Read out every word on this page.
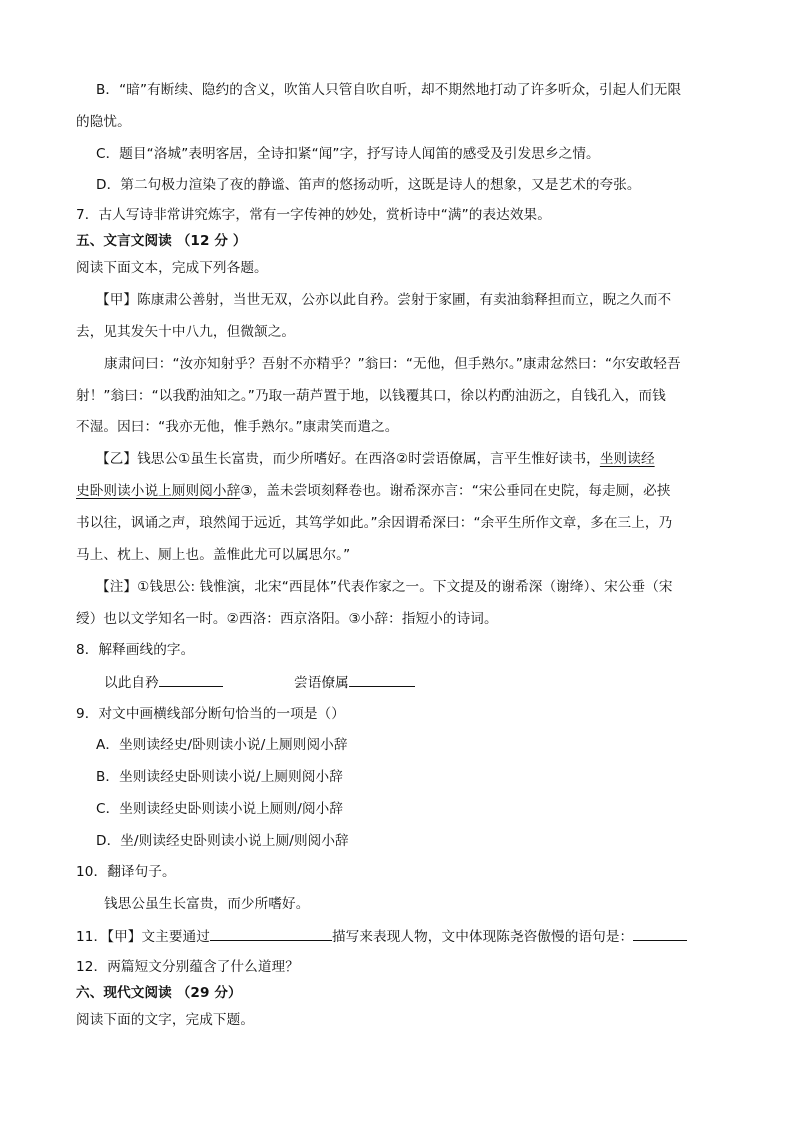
B．“暗”有断续、隐约的含义，吹笛人只管自吹自听，却不期然地打动了许多听众，引起人们无限
的隐忧。
C．题目“洛城”表明客居，全诗扣紧“闻”字，抒写诗人闻笛的感受及引发思乡之情。
D．第二句极力渲染了夜的静谧、笛声的悠扬动听，这既是诗人的想象，又是艺术的夸张。
7．古人写诗非常讲究炼字，常有一字传神的妙处，赏析诗中“满”的表达效果。
五、文言文阅读 （12 分 ）
阅读下面文本，完成下列各题。
【甲】陈康肃公善射，当世无双，公亦以此自矜。尝射于家圃，有卖油翁释担而立，睨之久而不
去，见其发矢十中八九，但微颔之。
康肃问曰：“汝亦知射乎？吾射不亦精乎？”翁曰：“无他，但手熟尔。”康肃忿然曰：“尔安敢轻吾
射！”翁曰：“以我酌油知之。”乃取一葫芦置于地，以钱覆其口，徐以杓酌油沥之，自钱孔入，而钱
不湿。因曰：“我亦无他，惟手熟尔。”康肃笑而遣之。
【乙】钱思公①虽生长富贵，而少所嗜好。在西洛②时尝语僚属，言平生惟好读书，坐则读经
史卧则读小说上厕则阅小辞③，盖未尝顷刻释卷也。谢希深亦言：“宋公垂同在史院，每走厕，必挟
书以往，讽诵之声，琅然闻于远近，其笃学如此。”余因谓希深曰：“余平生所作文章，多在三上，乃
马上、枕上、厕上也。盖惟此尤可以属思尔。”
【注】①钱思公: 钱惟演，北宋“西昆体”代表作家之一。下文提及的谢希深（谢绛）、宋公垂（宋
绶）也以文学知名一时。②西洛：西京洛阳。③小辞：指短小的诗词。
8．解释画线的字。
以此自矜	尝语僚属
9．对文中画横线部分断句恰当的一项是（）
A．坐则读经史/卧则读小说/上厕则阅小辞
B．坐则读经史卧则读小说/上厕则阅小辞
C．坐则读经史卧则读小说上厕则/阅小辞
D．坐/则读经史卧则读小说上厕/则阅小辞
10．翻译句子。
钱思公虽生长富贵，而少所嗜好。
11．【甲】文主要通过	描写来表现人物，文中体现陈尧咨傲慢的语句是：
12．两篇短文分别蕴含了什么道理？
六、现代文阅读 （29 分）
阅读下面的文字，完成下题。
